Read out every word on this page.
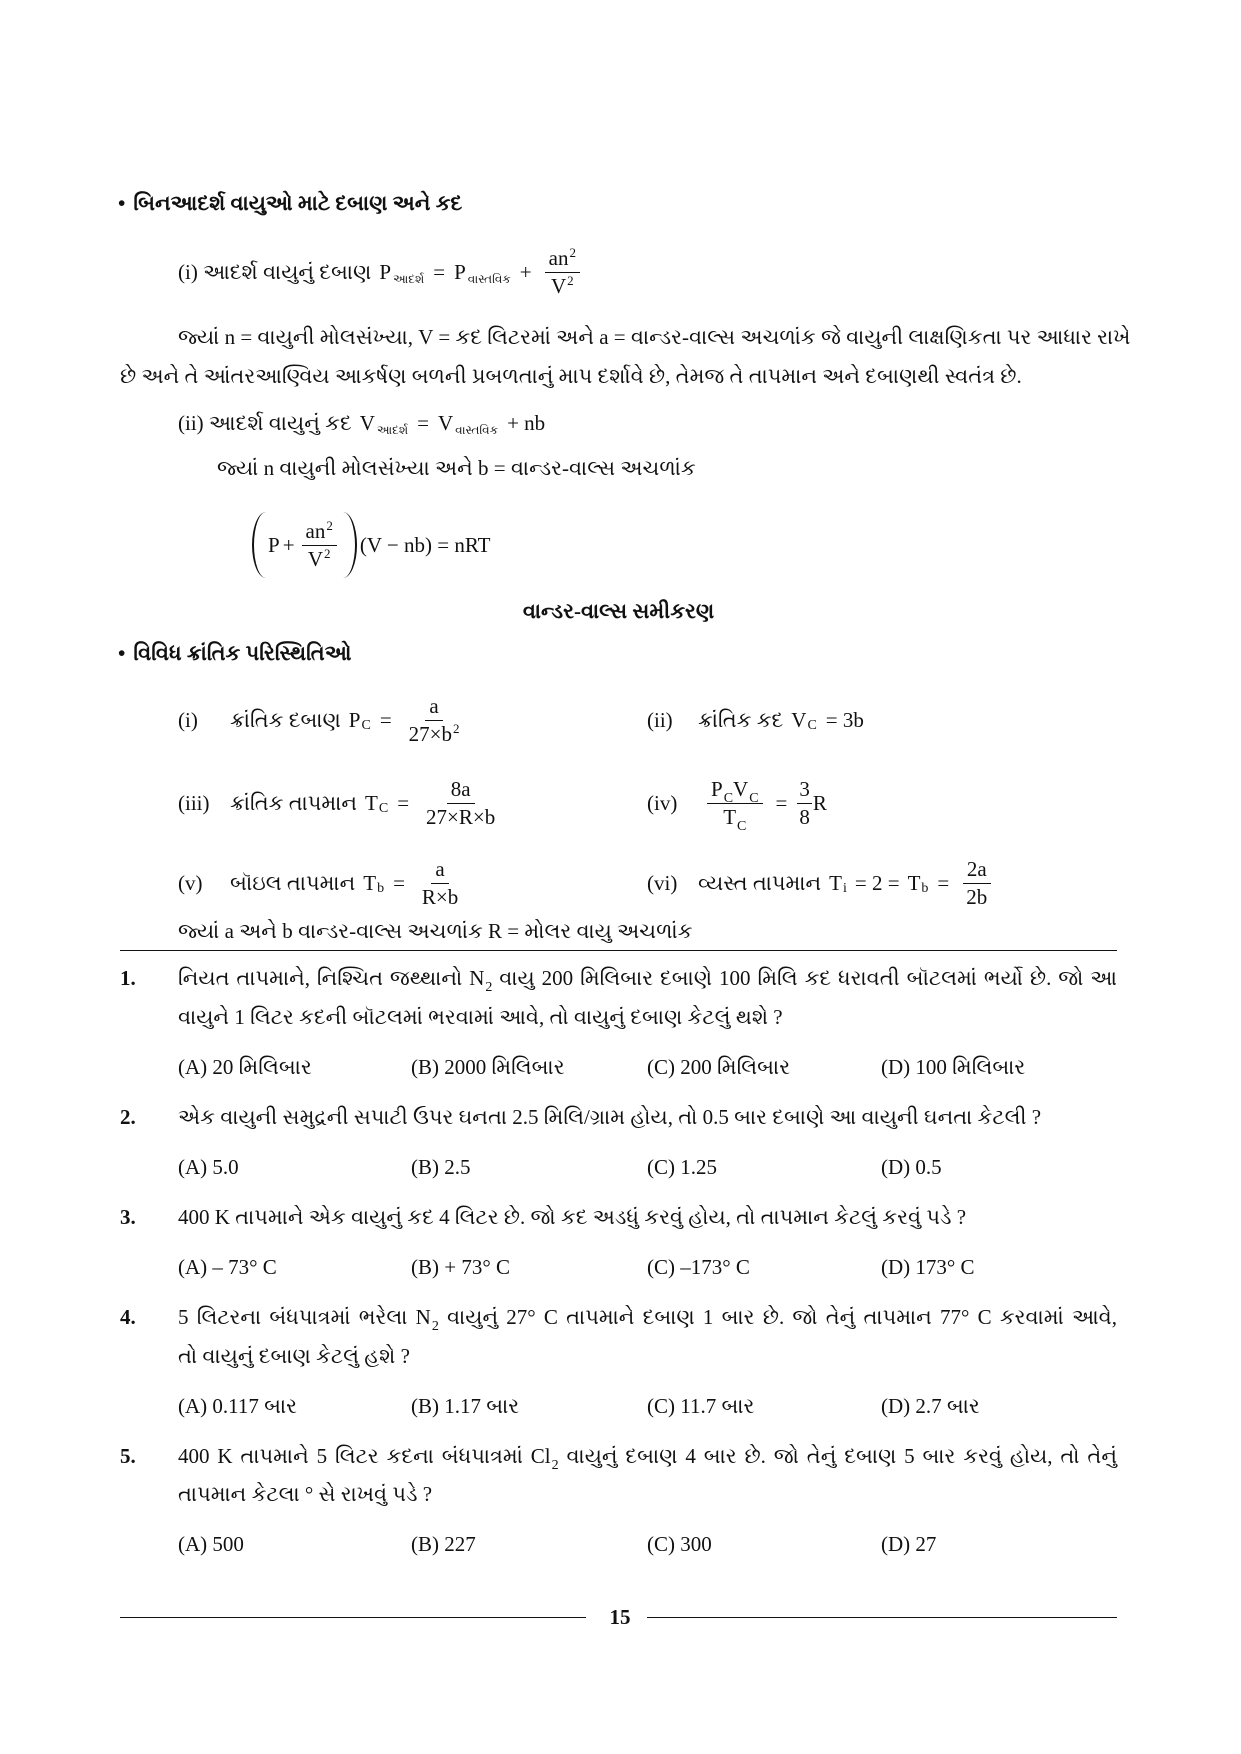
• બિનઆદર્શ વાયુઓ માટે દબાણ અને કદ
(i) આદર્શ વાયુનું દબાણ P આદર્શ = P વાસ્તવિક + $\frac{an^2}{V^2}$
જ્યાં n = વાયુની મોલસંખ્યા, V = કદ લિટરમાં અને a = વાન્ડર-વાલ્સ અચળાંક જે વાયુની લાક્ષણિકતા પર આધાર રાખે
છે અને તે આંતરઆણ્વિય આકર્ષણ બળની પ્રબળતાનું માપ દર્શાવે છે, તેમજ તે તાપમાન અને દબાણથી સ્વતંત્ર છે.
(ii) આદર્શ વાયુનું કદ V આદર્શ = V વાસ્તવિક + nb
જ્યાં n વાયુની મોલસંખ્યા અને b = વાન્ડર-વાલ્સ અચળાંક
$P + \frac{an^2}{V^2} (V - nb)$ = nRT
વાન્ડર-વાલ્સ સમીકરણ
• વિવિધ ક્રાંતિક પરિસ્થિતિઓ
(i)	ક્રાંતિક દબાણ P $C = \frac{a}{27\times b^2}$	(ii)	ક્રાંતિક કદ V C = 3b
(iii) ક્રાંતિક તાપમાન T $C = \frac{8a}{27\times R\times b}$	(iv)	$\frac{P_CV_C}{T_C} = \frac{3}{8}$ R
(v)	બૉઇલ તાપમાન T $b = \frac{a}{R\times b}$	(vi) વ્યસ્ત તાપમાન T i = 2 = T $b = \frac{2a}{2b}$
જ્યાં a અને b વાન્ડર-વાલ્સ અચળાંક R = મોલર વાયુ અચળાંક
1. નિયત તાપમાને, નિશ્ચિત જથ્થાનો $N_2$ વાયુ 200 મિલિબાર દબાણે 100 મિલિ કદ ધરાવતી બૉટલમાં ભર્યો છે. જો આ
વાયુને 1 લિટર કદની બૉટલમાં ભરવામાં આવે, તો વાયુનું દબાણ કેટલું થશે ?
(A) 20 મિલિબાર	(B) 2000 મિલિબાર	(C) 200 મિલિબાર	(D) 100 મિલિબાર
2. એક વાયુની સમુદ્રની સપાટી ઉપર ઘનતા 2.5 મિલિ/ગ્રામ હોય, તો 0.5 બાર દબાણે આ વાયુની ઘનતા કેટલી ?
(A) 5.0	(B) 2.5	(C) 1.25	(D) 0.5
3. 400 K તાપમાને એક વાયુનું કદ 4 લિટર છે. જો કદ અડધું કરવું હોય, તો તાપમાન કેટલું કરવું પડે ?
(A) – 73° C	(B) + 73° C	(C) –173° C	(D) 173° C
4. 5 લિટરના બંધપાત્રમાં ભરેલા $N_2$ વાયુનું 27° C તાપમાને દબાણ 1 બાર છે. જો તેનું તાપમાન 77° C કરવામાં આવે,
તો વાયુનું દબાણ કેટલું હશે ?
(A) 0.117 બાર	(B) 1.17 બાર	(C) 11.7 બાર	(D) 2.7 બાર
5. 400 K તાપમાને 5 લિટર કદના બંધપાત્રમાં $Cl_2$ વાયુનું દબાણ 4 બાર છે. જો તેનું દબાણ 5 બાર કરવું હોય, તો તેનું
તાપમાન કેટલા ° સે રાખવું પડે ?
(A) 500	(B) 227	(C) 300	(D) 27
15
